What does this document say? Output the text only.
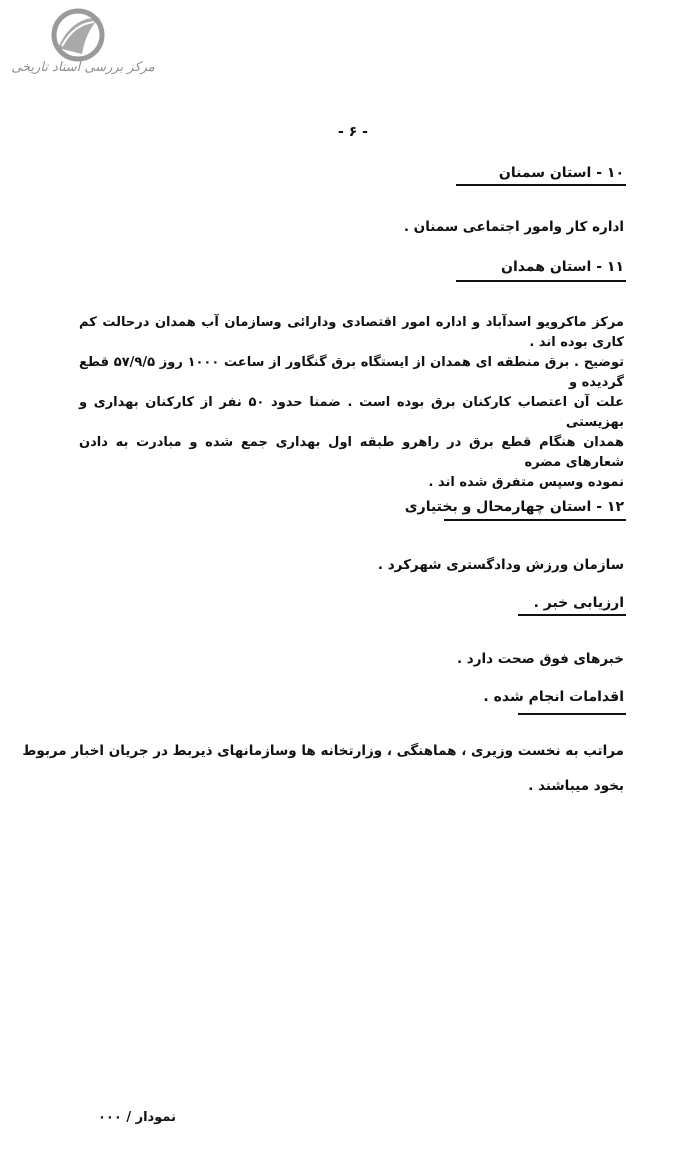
مرکز بررسی اسناد تاریخی
- ۶ -
۱۰ - استان سمنان
اداره کار وامور اجتماعی سمنان .
۱۱ - استان همدان
مرکز ماکرویو اسدآباد و اداره امور اقتصادی ودارائی وسازمان آب همدان درحالت کم کاری بوده اند .
توضیح . برق منطقه ای همدان از ایستگاه برق گنگاور از ساعت ۱۰۰۰ روز ۵۷/۹/۵ قطع گردیده و
علت آن اعتصاب کارکنان برق بوده است . ضمنا حدود ۵۰ نفر از کارکنان بهداری و بهزیستی
همدان هنگام قطع برق در راهرو طبقه اول بهداری جمع شده و مبادرت به دادن شعارهای مضره
نموده وسپس متفرق شده اند .
۱۲ - استان چهارمحال و بختیاری
سازمان ورزش ودادگستری شهرکرد .
ارزیابی خبر .
خبرهای فوق صحت دارد .
اقدامات انجام شده .
مراتب به نخست وزیری ، هماهنگی ، وزارتخانه ها وسازمانهای ذیربط در جریان اخبار مربوط
بخود میباشند .
نمودار / ۰۰۰
